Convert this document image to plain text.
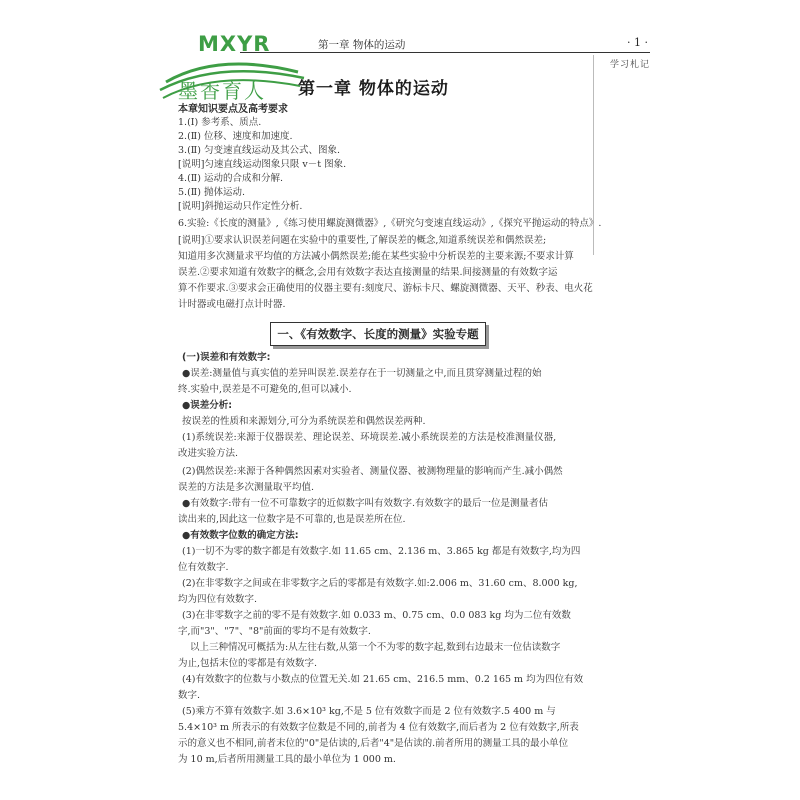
MXYR
墨香育人
第一章 物体的运动	· 1 ·
学习札记
第一章 物体的运动
本章知识要点及高考要求
1.(Ⅰ) 参考系、质点.
2.(Ⅱ) 位移、速度和加速度.
3.(Ⅱ) 匀变速直线运动及其公式、图象.
[说明]匀速直线运动图象只限 v－t 图象.
4.(Ⅱ) 运动的合成和分解.
5.(Ⅱ) 抛体运动.
[说明]斜抛运动只作定性分析.
6.实验:《长度的测量》,《练习使用螺旋测微器》,《研究匀变速直线运动》,《探究平抛运动的特点》.
[说明]①要求认识误差问题在实验中的重要性,了解误差的概念,知道系统误差和偶然误差;
知道用多次测量求平均值的方法减小偶然误差;能在某些实验中分析误差的主要来源;不要求计算
误差.②要求知道有效数字的概念,会用有效数字表达直接测量的结果.间接测量的有效数字运
算不作要求.③要求会正确使用的仪器主要有:刻度尺、游标卡尺、螺旋测微器、天平、秒表、电火花
计时器或电磁打点计时器.
一、《有效数字、长度的测量》实验专题
(一)误差和有效数字:
●误差:测量值与真实值的差异叫误差.误差存在于一切测量之中,而且贯穿测量过程的始
终.实验中,误差是不可避免的,但可以减小.
●误差分析:
按误差的性质和来源划分,可分为系统误差和偶然误差两种.
(1)系统误差:来源于仪器误差、理论误差、环境误差.减小系统误差的方法是校准测量仪器,
改进实验方法.
(2)偶然误差:来源于各种偶然因素对实验者、测量仪器、被测物理量的影响而产生.减小偶然
误差的方法是多次测量取平均值.
●有效数字:带有一位不可靠数字的近似数字叫有效数字.有效数字的最后一位是测量者估
读出来的,因此这一位数字是不可靠的,也是误差所在位.
●有效数字位数的确定方法:
(1)一切不为零的数字都是有效数字.如 11.65 cm、2.136 m、3.865 kg 都是有效数字,均为四
位有效数字.
(2)在非零数字之间或在非零数字之后的零都是有效数字.如:2.006 m、31.60 cm、8.000 kg,
均为四位有效数字.
(3)在非零数字之前的零不是有效数字.如 0.033 m、0.75 cm、0.0 083 kg 均为二位有效数
字,而"3"、"7"、"8"前面的零均不是有效数字.
以上三种情况可概括为:从左往右数,从第一个不为零的数字起,数到右边最末一位估读数字
为止,包括末位的零都是有效数字.
(4)有效数字的位数与小数点的位置无关.如 21.65 cm、216.5 mm、0.2 165 m 均为四位有效
数字.
(5)乘方不算有效数字.如 3.6×10³ kg,不是 5 位有效数字而是 2 位有效数字.5 400 m 与
5.4×10³ m 所表示的有效数字位数是不同的,前者为 4 位有效数字,而后者为 2 位有效数字,所表
示的意义也不相同,前者末位的"0"是估读的,后者"4"是估读的.前者所用的测量工具的最小单位
为 10 m,后者所用测量工具的最小单位为 1 000 m.
